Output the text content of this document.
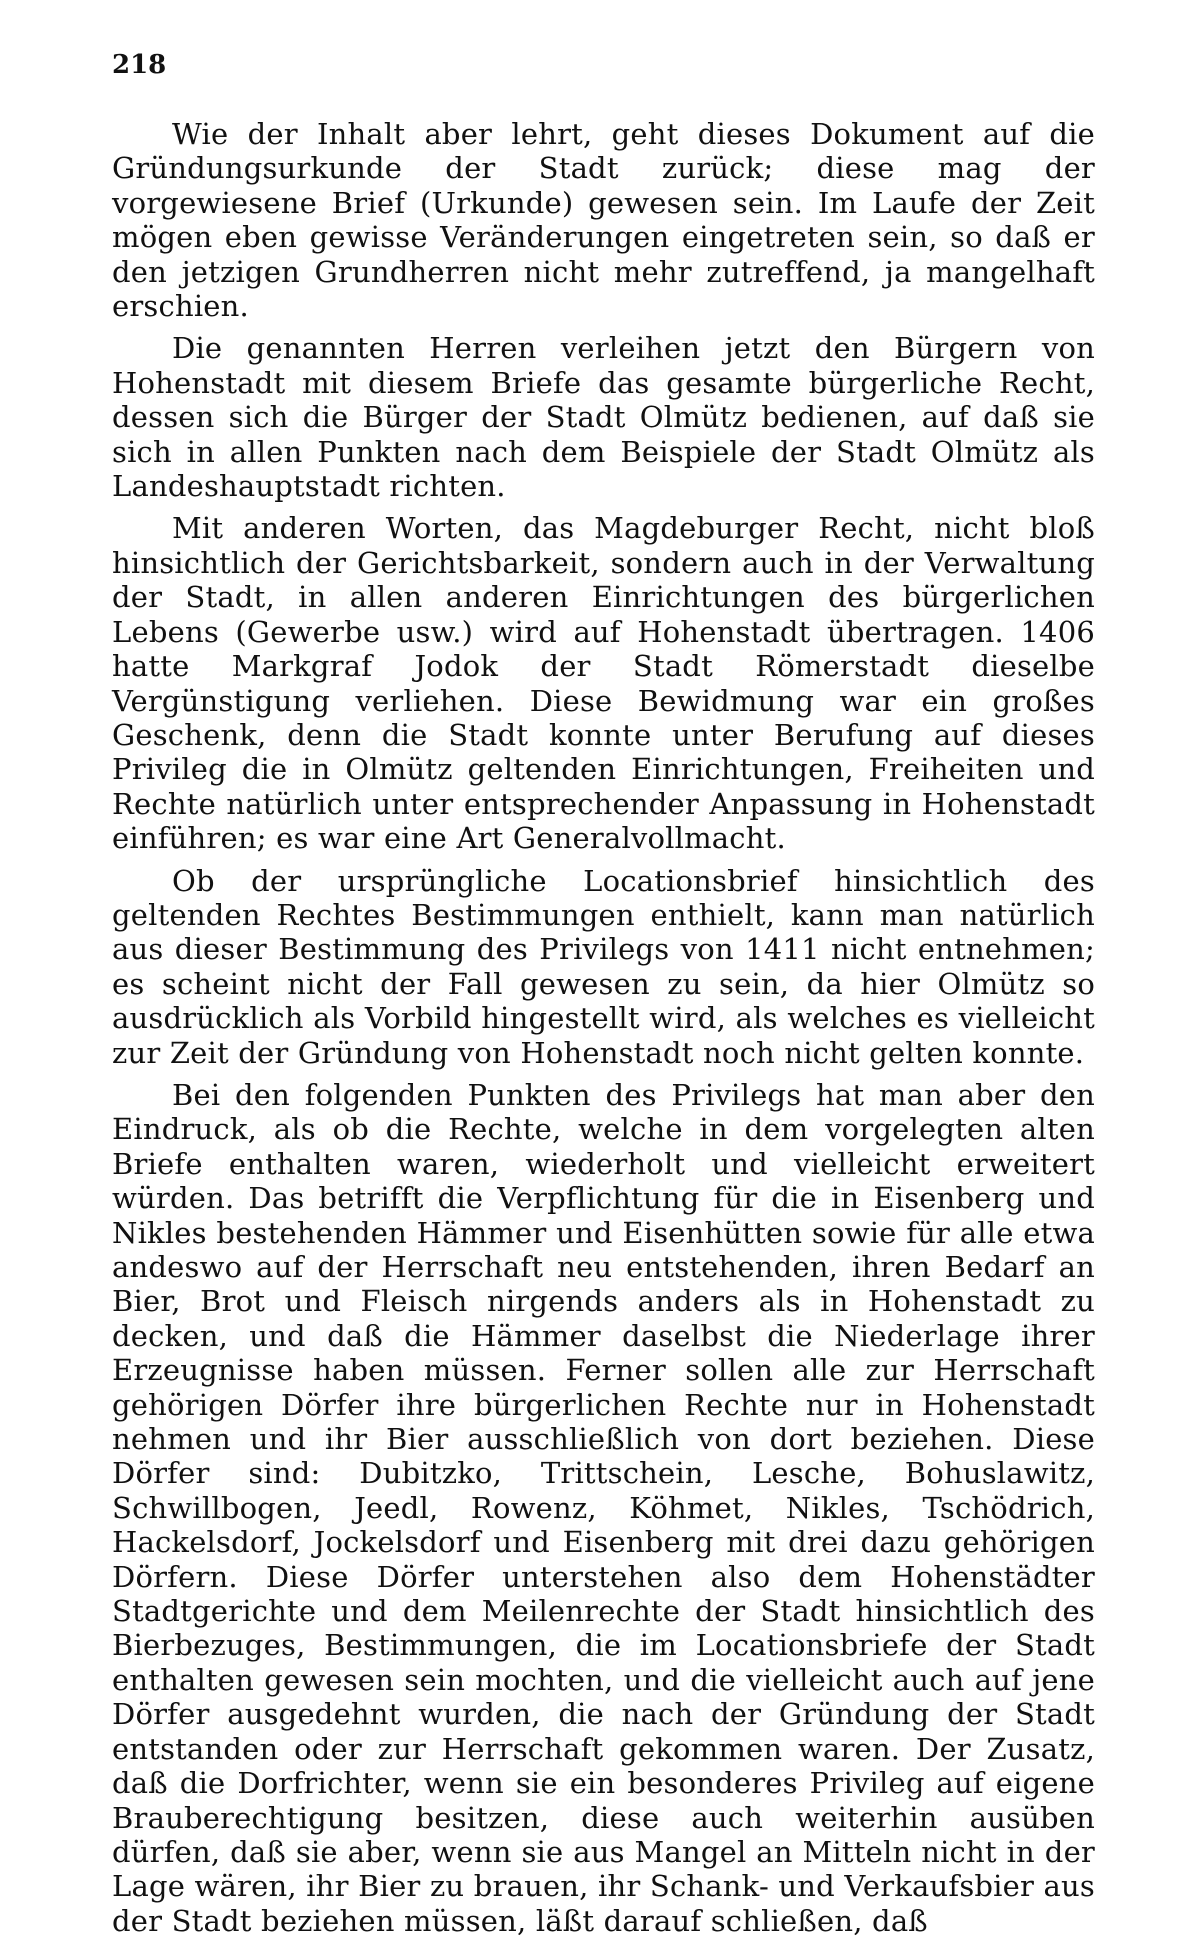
218

Wie der Inhalt aber lehrt, geht dieses Dokument auf die Gründungsurkunde der Stadt zurück; diese mag der vorgewiesene Brief (Urkunde) gewesen sein. Im Laufe der Zeit mögen eben gewisse Veränderungen eingetreten sein, so daß er den jetzigen Grundherren nicht mehr zutreffend, ja mangelhaft erschien.

Die genannten Herren verleihen jetzt den Bürgern von Hohenstadt mit diesem Briefe das gesamte bürgerliche Recht, dessen sich die Bürger der Stadt Olmütz bedienen, auf daß sie sich in allen Punkten nach dem Beispiele der Stadt Olmütz als Landeshauptstadt richten.

Mit anderen Worten, das Magdeburger Recht, nicht bloß hinsichtlich der Gerichtsbarkeit, sondern auch in der Verwaltung der Stadt, in allen anderen Einrichtungen des bürgerlichen Lebens (Gewerbe usw.) wird auf Hohenstadt übertragen. 1406 hatte Markgraf Jodok der Stadt Römerstadt dieselbe Vergünstigung verliehen. Diese Bewidmung war ein großes Geschenk, denn die Stadt konnte unter Berufung auf dieses Privileg die in Olmütz geltenden Einrichtungen, Freiheiten und Rechte natürlich unter entsprechender Anpassung in Hohenstadt einführen; es war eine Art Generalvollmacht.

Ob der ursprüngliche Locationsbrief hinsichtlich des geltenden Rechtes Bestimmungen enthielt, kann man natürlich aus dieser Bestimmung des Privilegs von 1411 nicht entnehmen; es scheint nicht der Fall gewesen zu sein, da hier Olmütz so ausdrücklich als Vorbild hingestellt wird, als welches es vielleicht zur Zeit der Gründung von Hohenstadt noch nicht gelten konnte.

Bei den folgenden Punkten des Privilegs hat man aber den Eindruck, als ob die Rechte, welche in dem vorgelegten alten Briefe enthalten waren, wiederholt und vielleicht erweitert würden. Das betrifft die Verpflichtung für die in Eisenberg und Nikles bestehenden Hämmer und Eisenhütten sowie für alle etwa andeswo auf der Herrschaft neu entstehenden, ihren Bedarf an Bier, Brot und Fleisch nirgends anders als in Hohenstadt zu decken, und daß die Hämmer daselbst die Niederlage ihrer Erzeugnisse haben müssen. Ferner sollen alle zur Herrschaft gehörigen Dörfer ihre bürgerlichen Rechte nur in Hohenstadt nehmen und ihr Bier ausschließlich von dort beziehen. Diese Dörfer sind: Dubitzko, Trittschein, Lesche, Bohuslawitz, Schwillbogen, Jeedl, Rowenz, Köhmet, Nikles, Tschödrich, Hackelsdorf, Jockelsdorf und Eisenberg mit drei dazu gehörigen Dörfern. Diese Dörfer unterstehen also dem Hohenstädter Stadtgerichte und dem Meilenrechte der Stadt hinsichtlich des Bierbezuges, Bestimmungen, die im Locationsbriefe der Stadt enthalten gewesen sein mochten, und die vielleicht auch auf jene Dörfer ausgedehnt wurden, die nach der Gründung der Stadt entstanden oder zur Herrschaft gekommen waren. Der Zusatz, daß die Dorfrichter, wenn sie ein besonderes Privileg auf eigene Brauberechtigung besitzen, diese auch weiterhin ausüben dürfen, daß sie aber, wenn sie aus Mangel an Mitteln nicht in der Lage wären, ihr Bier zu brauen, ihr Schank- und Verkaufsbier aus der Stadt beziehen müssen, läßt darauf schließen, daß
